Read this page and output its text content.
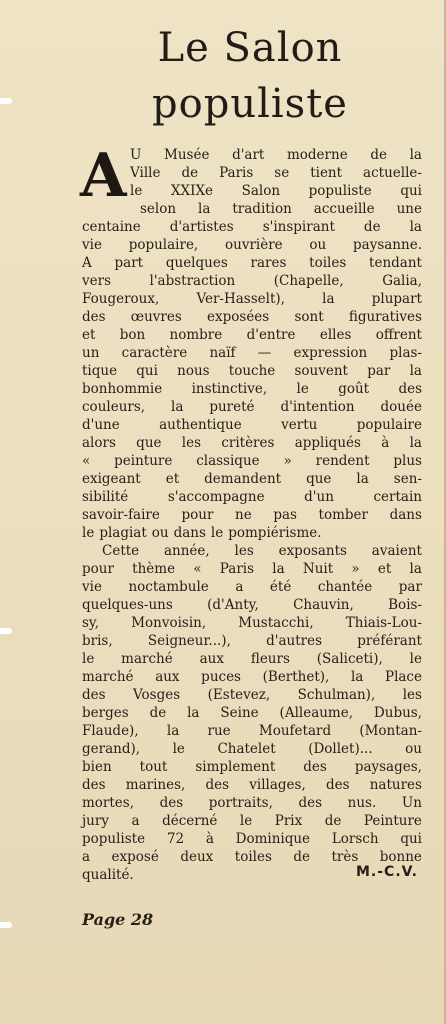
Le Salon
populiste
A U Musée d'art moderne de la
Ville de Paris se tient actuelle-
le XXIXe Salon populiste qui
selon la tradition accueille une
centaine d'artistes s'inspirant de la
vie populaire, ouvrière ou paysanne.
A part quelques rares toiles tendant
vers	l'abstraction	(Chapelle,	Galia,
Fougeroux,	Ver-Hasselt),	la	plupart
des œuvres exposées sont figuratives
et bon nombre d'entre elles offrent
un caractère naïf — expression plas-
tique qui nous touche souvent par la
bonhommie instinctive, le goût des
couleurs, la pureté d'intention douée
d'une	authentique	vertu	populaire
alors que les critères appliqués à la
« peinture classique » rendent plus
exigeant et demandent que la sen-
sibilité	s'accompagne	d'un	certain
savoir-faire pour ne pas tomber dans
le plagiat ou dans le pompiérisme.
Cette année, les exposants avaient
pour thème « Paris la Nuit » et la
vie noctambule a été chantée par
quelques-uns	(d'Anty,	Chauvin,	Bois-
sy, Monvoisin, Mustacchi, Thiais-Lou-
bris,	Seigneur...),	d'autres	préférant
le marché aux fleurs (Saliceti), le
marché aux puces (Berthet), la Place
des Vosges (Estevez, Schulman), les
berges de la Seine (Alleaume, Dubus,
Flaude), la rue Moufetard (Montan-
gerand), le Chatelet (Dollet)... ou
bien tout simplement des paysages,
des marines, des villages, des natures
mortes, des portraits, des nus. Un
jury a décerné le Prix de Peinture
populiste 72 à Dominique Lorsch qui
a exposé deux toiles de très bonne
qualité.	M.-C.V.
Page 28
